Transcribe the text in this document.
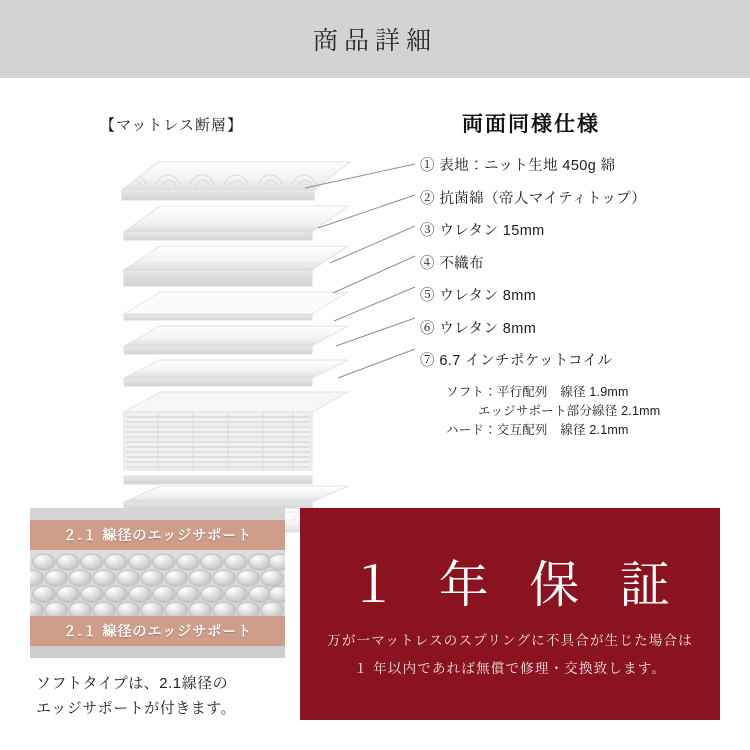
商品詳細
【マットレス断層】	両面同様仕様
① 表地：ニット生地 450g 綿
② 抗菌綿（帝人マイティトップ）
③ ウレタン 15mm
④ 不織布
⑤ ウレタン 8mm
⑥ ウレタン 8mm
⑦ 6.7 インチポケットコイル
ソフト：平行配列　線径 1.9mm
エッジサポート部分線径 2.1mm
ハード：交互配列　線径 2.1mm
２.１ 線径のエッジサポート
２.１ 線径のエッジサポート
ソフトタイプは、2.1線径の
エッジサポートが付きます。
１ 年 保 証
万が一マットレスのスプリングに不具合が生じた場合は
１ 年以内であれば無償で修理・交換致します。
